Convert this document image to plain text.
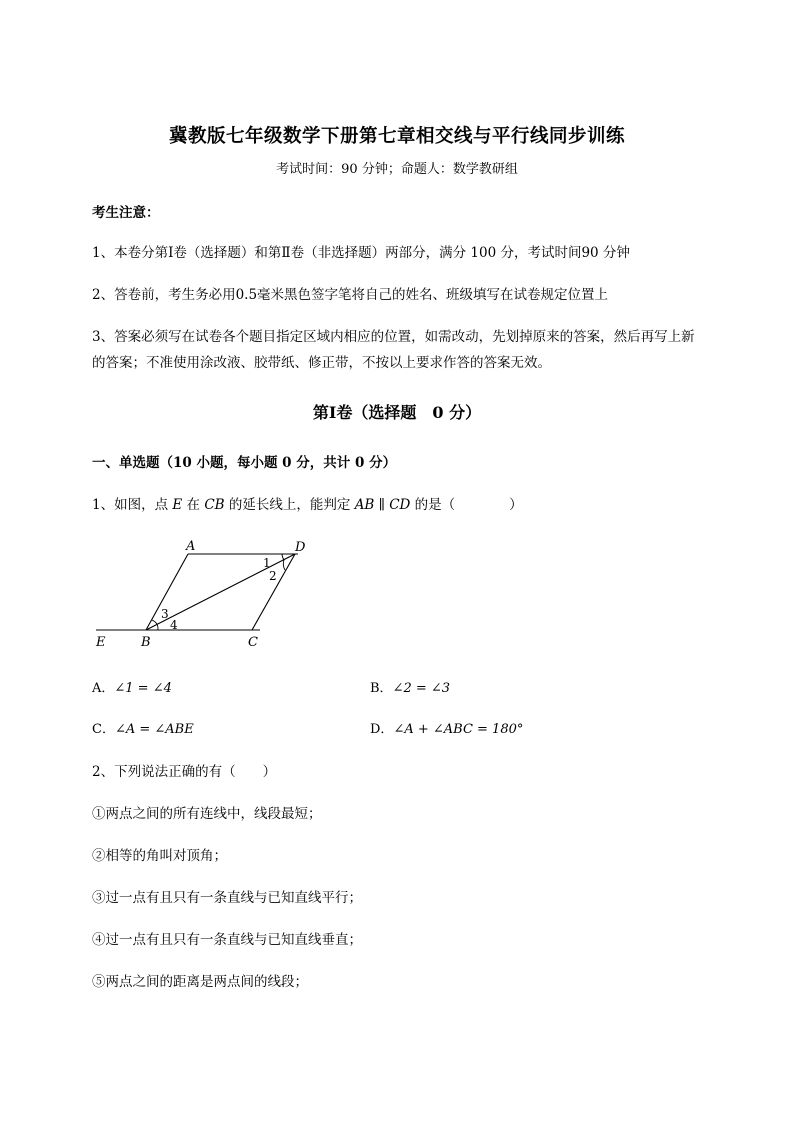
冀教版七年级数学下册第七章相交线与平行线同步训练
考试时间：90 分钟；命题人：数学教研组
考生注意：
1、本卷分第Ⅰ卷（选择题）和第Ⅱ卷（非选择题）两部分，满分 100 分，考试时间90 分钟
2、答卷前，考生务必用0.5毫米黑色签字笔将自己的姓名、班级填写在试卷规定位置上
3、答案必须写在试卷各个题目指定区域内相应的位置，如需改动，先划掉原来的答案，然后再写上新
的答案；不准使用涂改液、胶带纸、修正带，不按以上要求作答的答案无效。
第Ⅰ卷（选择题　0 分）
一、单选题（10 小题，每小题 0 分，共计 0 分）
1、如图，点 E 在 CB 的延长线上，能判定 AB ∥ CD 的是（　　　　）
A	D
E	B	C
1
2
3
4
A．∠1 = ∠4	B．∠2 = ∠3
C．∠A = ∠ABE	D．∠A + ∠ABC = 180°
2、下列说法正确的有（　　）
①两点之间的所有连线中，线段最短；
②相等的角叫对顶角；
③过一点有且只有一条直线与已知直线平行；
④过一点有且只有一条直线与已知直线垂直；
⑤两点之间的距离是两点间的线段；
